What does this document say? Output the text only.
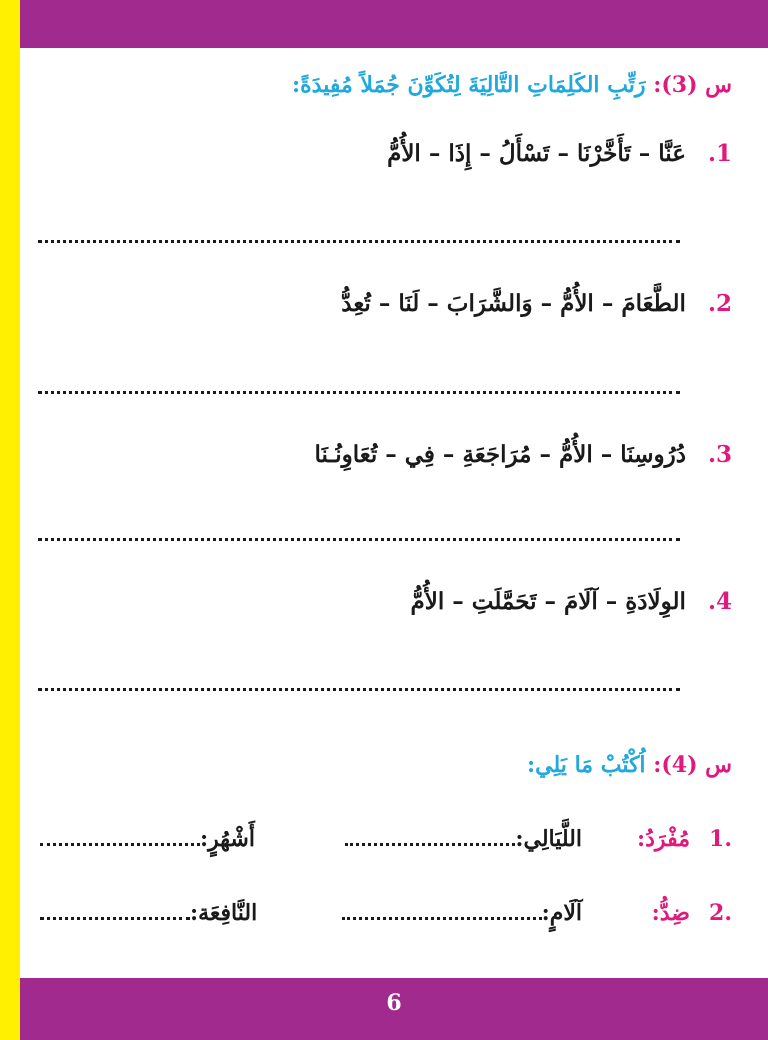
س (3): رَتِّبِ الكَلِمَاتِ التَّالِيَةَ لِتُكَوِّنَ جُمَلاً مُفِيدَةً:
1. عَنَّا – تَأَخَّرْنَا – تَسْأَلُ – إِذَا – الأُمُّ
2. الطَّعَامَ – الأُمُّ – وَالشَّرَابَ – لَنَا – تُعِدُّ
3. دُرُوسِنَا – الأُمُّ – مُرَاجَعَةِ – فِي – تُعَاوِنُـنَا
4. الوِلَادَةِ – آلَامَ – تَحَمَّلَتِ – الأُمُّ
س (4): اُكْتُبْ مَا يَلِي:
1.
مُفْرَدُ:
اللَّيَالِي:
أَشْهُرٍ:
2.
ضِدُّ:
آلَامٍ:
النَّافِعَة:
6
